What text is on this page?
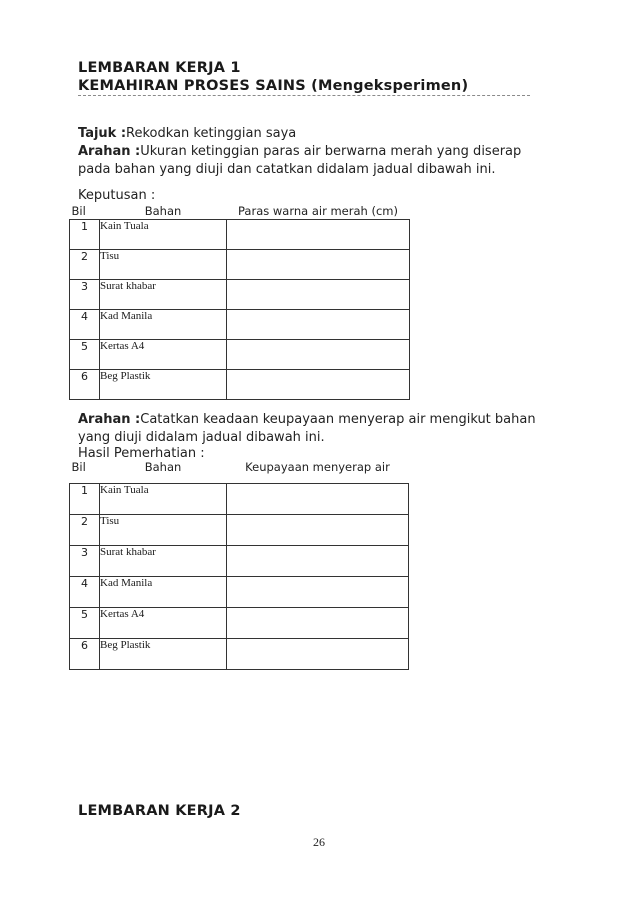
LEMBARAN KERJA 1
KEMAHIRAN PROSES SAINS (Mengeksperimen)
Tajuk :Rekodkan ketinggian saya
Arahan :Ukuran ketinggian paras air berwarna merah yang diserap pada bahan yang diuji dan catatkan didalam jadual dibawah ini.
Keputusan :
Bil	Bahan	Paras warna air merah (cm)
1	Kain Tuala	
2	Tisu	
3	Surat khabar	
4	Kad Manila	
5	Kertas A4	
6	Beg Plastik	
Arahan :Catatkan keadaan keupayaan menyerap air mengikut bahan yang diuji didalam jadual dibawah ini.
Hasil Pemerhatian :
Bil	Bahan	Keupayaan menyerap air
1	Kain Tuala	
2	Tisu	
3	Surat khabar	
4	Kad Manila	
5	Kertas A4	
6	Beg Plastik	
LEMBARAN KERJA 2
26
